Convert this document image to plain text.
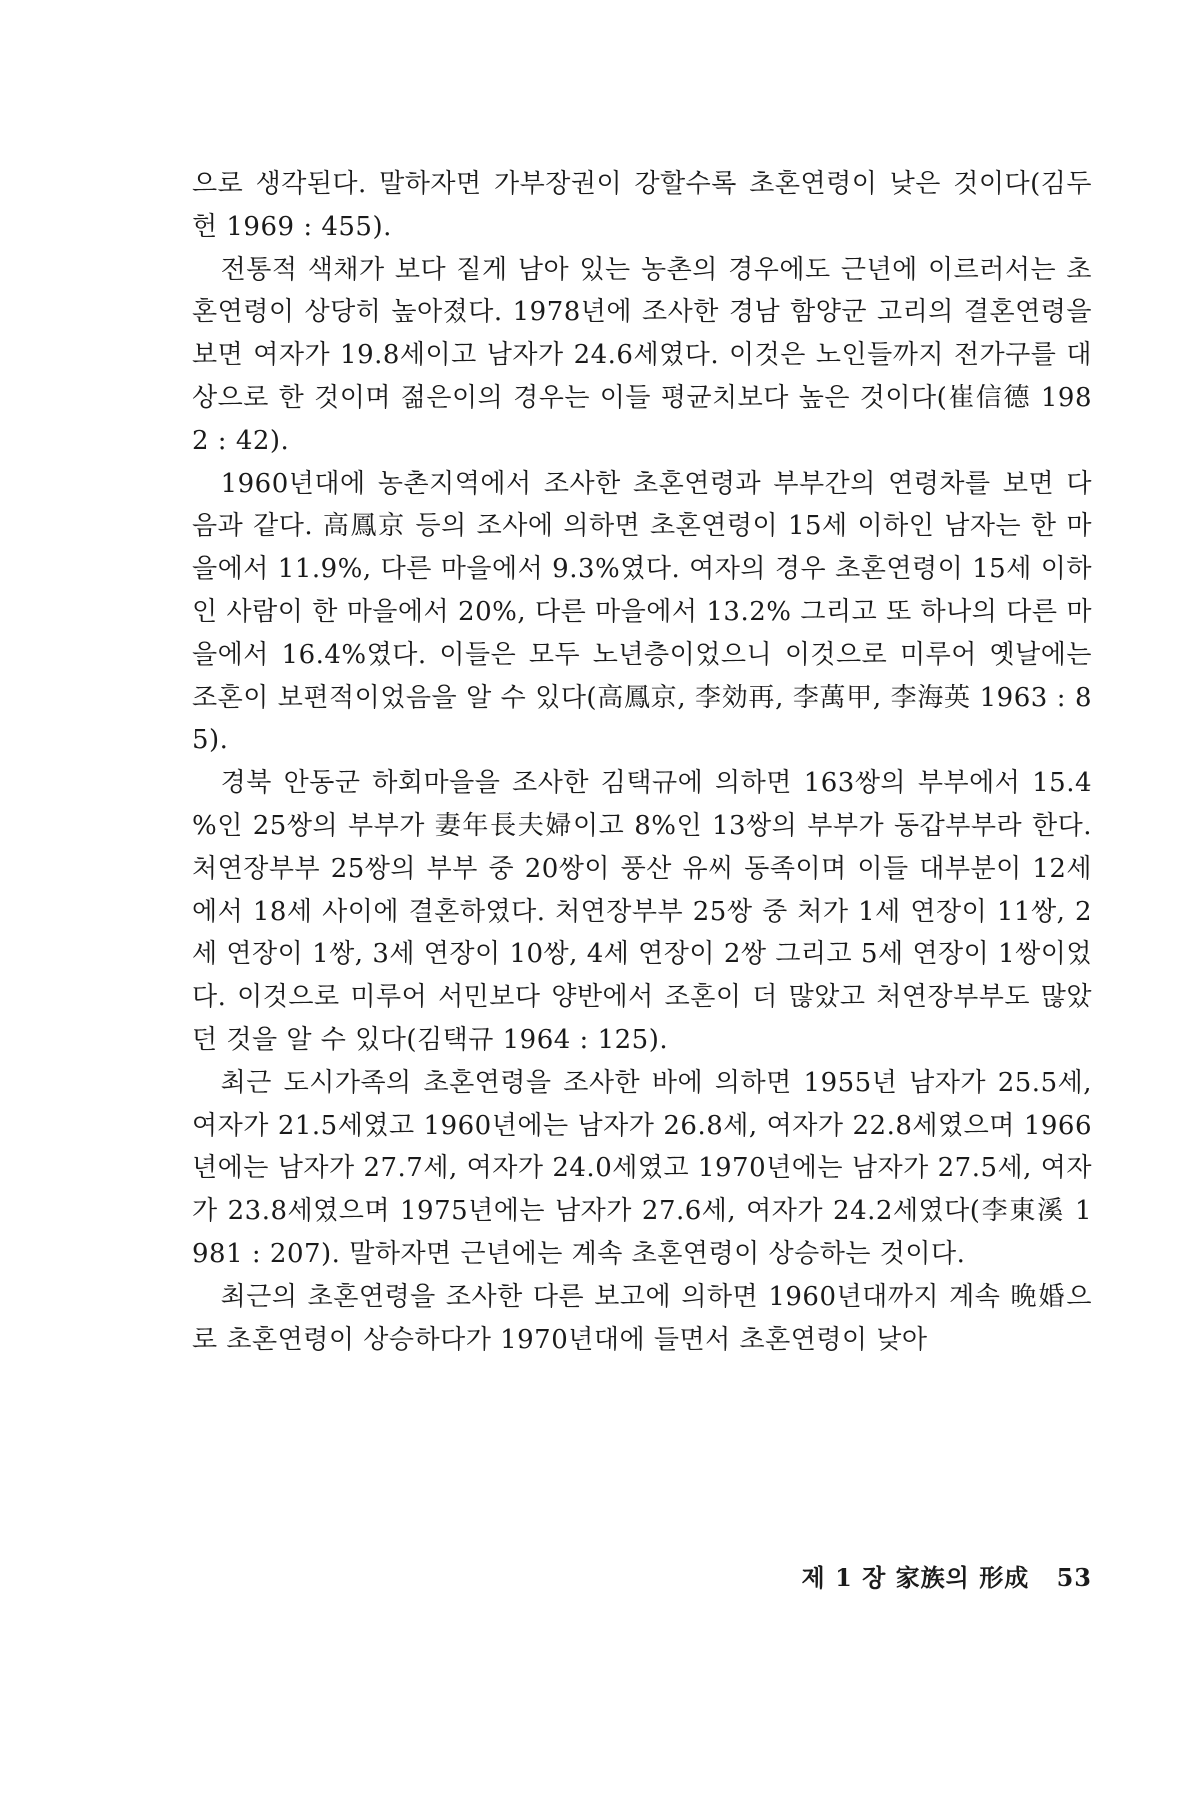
으로 생각된다. 말하자면 가부장권이 강할수록 초혼연령이 낮은 것이다(김두헌 1969 : 455).

전통적 색채가 보다 짙게 남아 있는 농촌의 경우에도 근년에 이르러서는 초혼연령이 상당히 높아졌다. 1978년에 조사한 경남 함양군 고리의 결혼연령을 보면 여자가 19.8세이고 남자가 24.6세였다. 이것은 노인들까지 전가구를 대상으로 한 것이며 젊은이의 경우는 이들 평균치보다 높은 것이다(崔信德 1982 : 42).

1960년대에 농촌지역에서 조사한 초혼연령과 부부간의 연령차를 보면 다음과 같다. 高鳳京 등의 조사에 의하면 초혼연령이 15세 이하인 남자는 한 마을에서 11.9%, 다른 마을에서 9.3%였다. 여자의 경우 초혼연령이 15세 이하인 사람이 한 마을에서 20%, 다른 마을에서 13.2% 그리고 또 하나의 다른 마을에서 16.4%였다. 이들은 모두 노년층이었으니 이것으로 미루어 옛날에는 조혼이 보편적이었음을 알 수 있다(高鳳京, 李効再, 李萬甲, 李海英 1963 : 85).

경북 안동군 하회마을을 조사한 김택규에 의하면 163쌍의 부부에서 15.4%인 25쌍의 부부가 妻年長夫婦이고 8%인 13쌍의 부부가 동갑부부라 한다. 처연장부부 25쌍의 부부 중 20쌍이 풍산 유씨 동족이며 이들 대부분이 12세에서 18세 사이에 결혼하였다. 처연장부부 25쌍 중 처가 1세 연장이 11쌍, 2세 연장이 1쌍, 3세 연장이 10쌍, 4세 연장이 2쌍 그리고 5세 연장이 1쌍이었다. 이것으로 미루어 서민보다 양반에서 조혼이 더 많았고 처연장부부도 많았던 것을 알 수 있다(김택규 1964 : 125).

최근 도시가족의 초혼연령을 조사한 바에 의하면 1955년 남자가 25.5세, 여자가 21.5세였고 1960년에는 남자가 26.8세, 여자가 22.8세였으며 1966년에는 남자가 27.7세, 여자가 24.0세였고 1970년에는 남자가 27.5세, 여자가 23.8세였으며 1975년에는 남자가 27.6세, 여자가 24.2세였다(李東溪 1981 : 207). 말하자면 근년에는 계속 초혼연령이 상승하는 것이다.

최근의 초혼연령을 조사한 다른 보고에 의하면 1960년대까지 계속 晩婚으로 초혼연령이 상승하다가 1970년대에 들면서 초혼연령이 낮아

제 1 장 家族의 形成 53
